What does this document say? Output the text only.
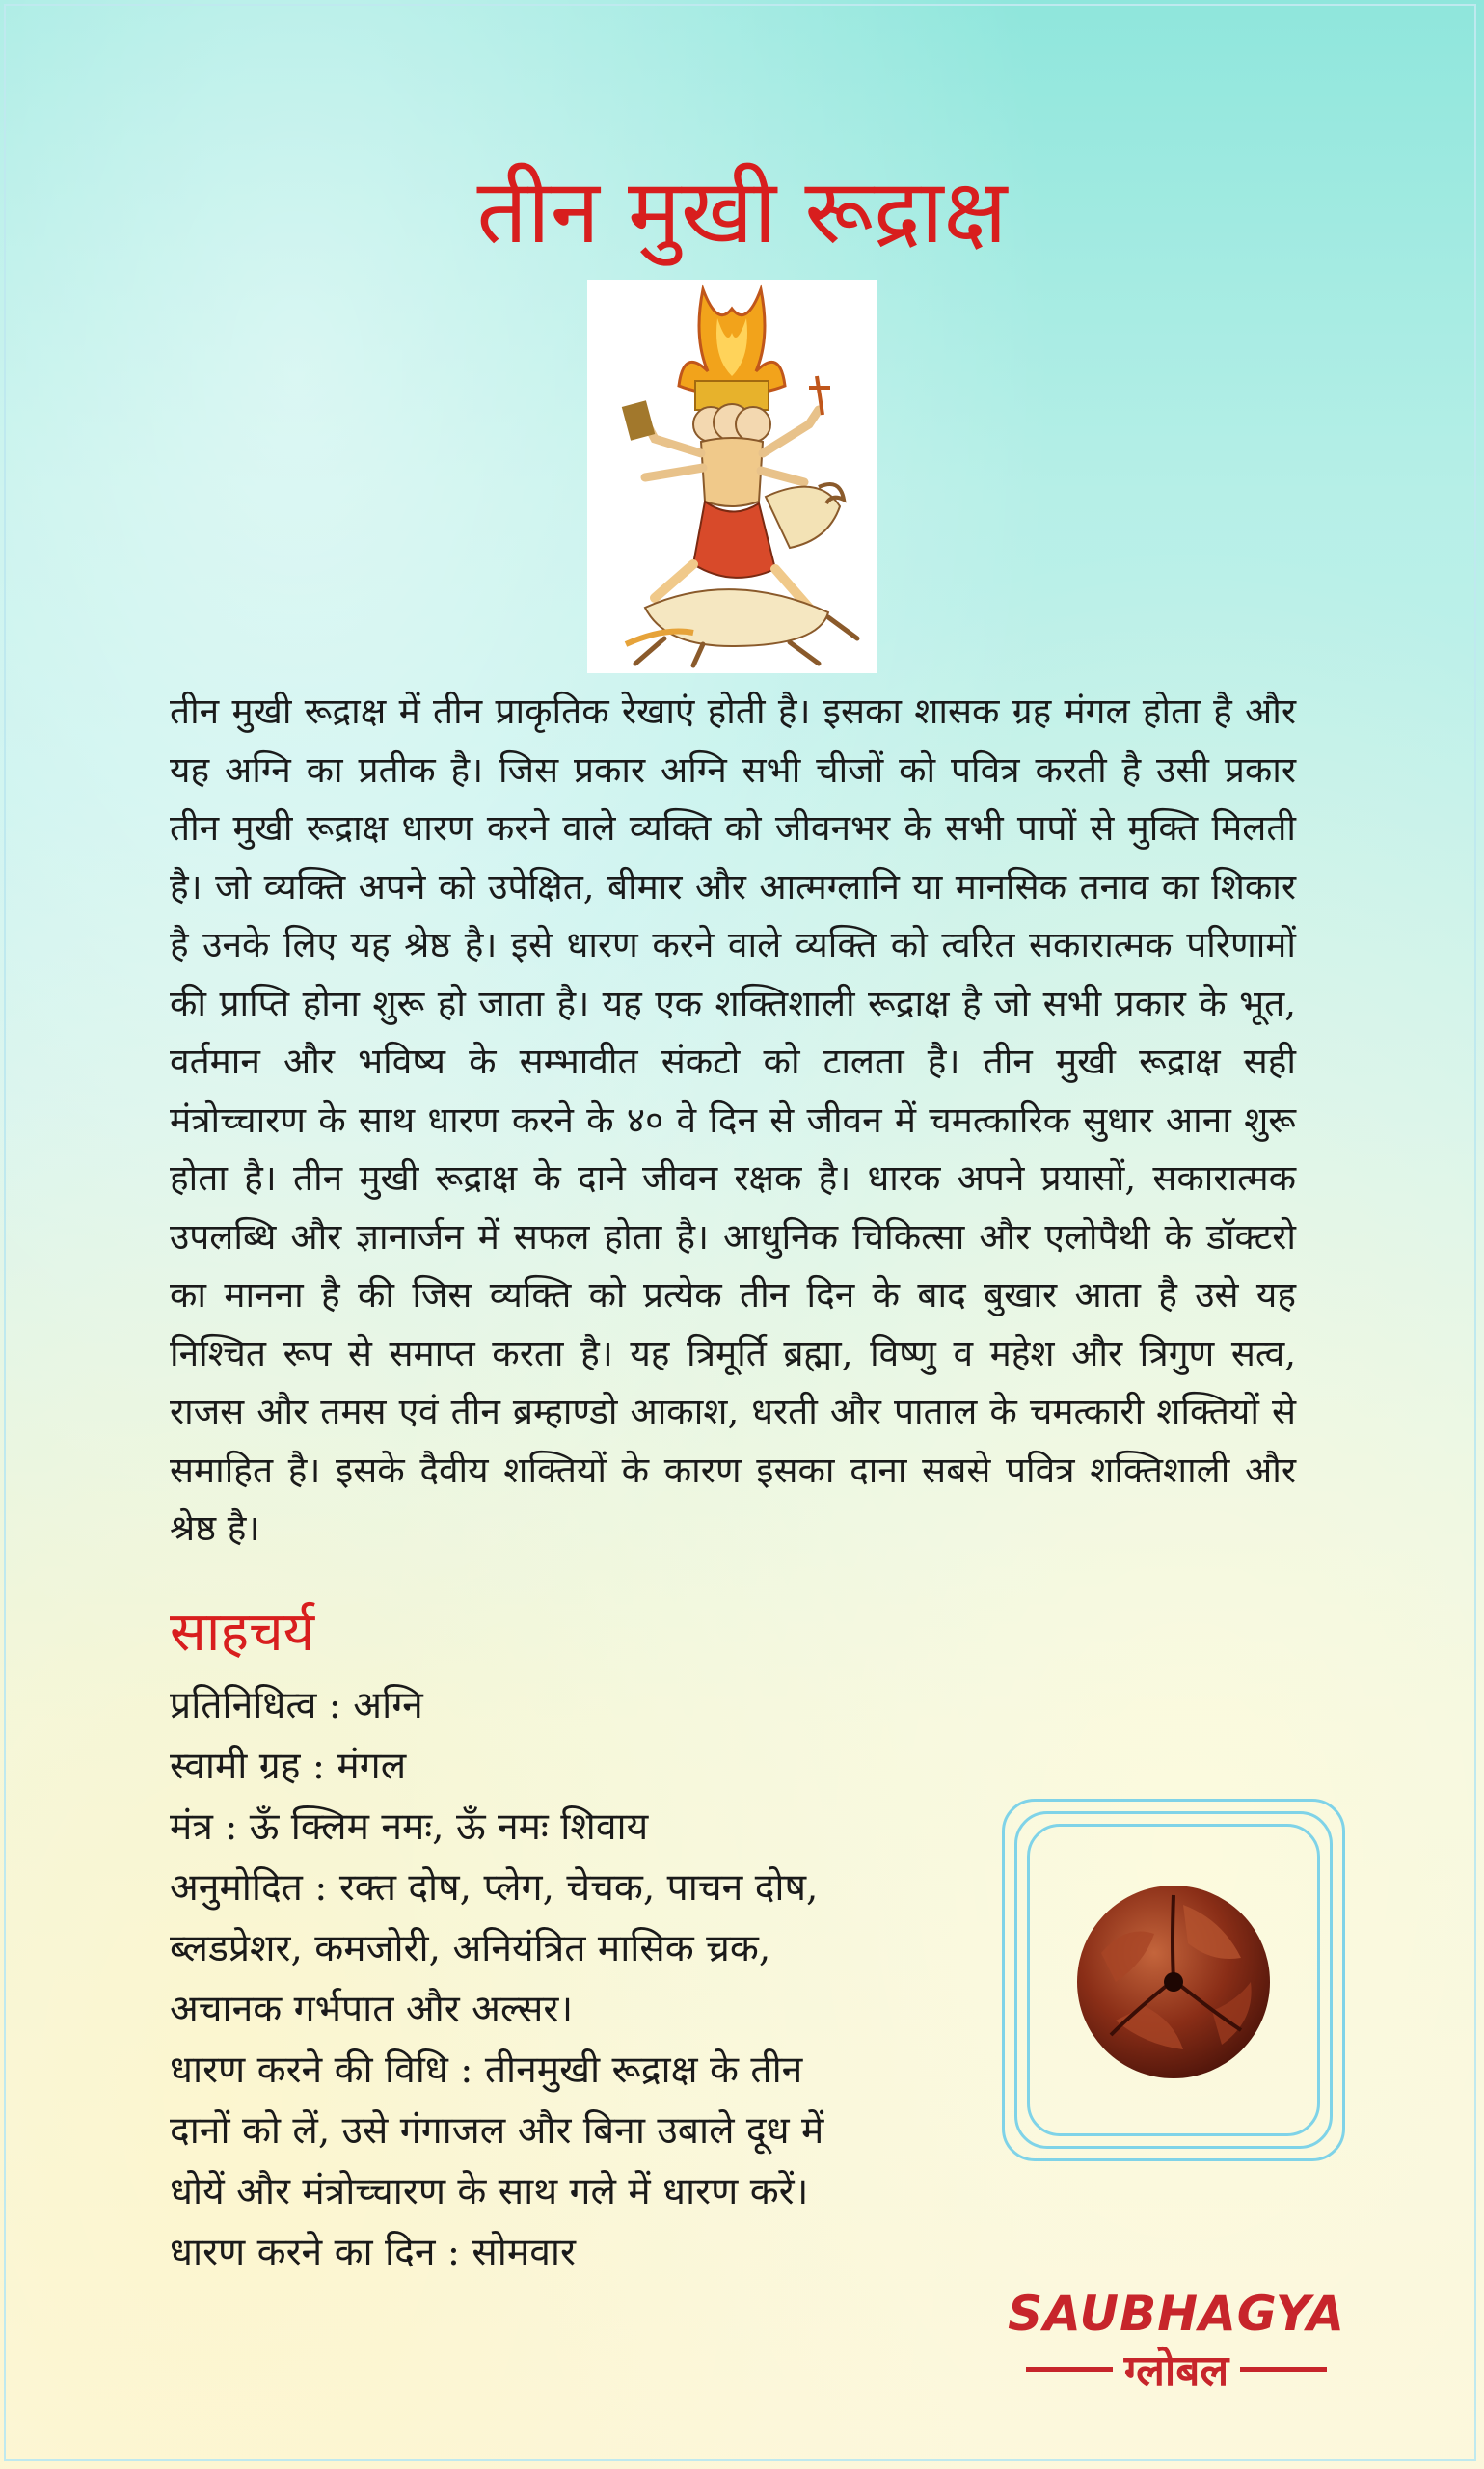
तीन मुखी रूद्राक्ष
तीन मुखी रूद्राक्ष में तीन प्राकृतिक रेखाएं होती है। इसका शासक ग्रह मंगल होता है और यह अग्नि का प्रतीक है। जिस प्रकार अग्नि सभी चीजों को पवित्र करती है उसी प्रकार तीन मुखी रूद्राक्ष धारण करने वाले व्यक्ति को जीवनभर के सभी पापों से मुक्ति मिलती है। जो व्यक्ति अपने को उपेक्षित, बीमार और आत्मग्लानि या मानसिक तनाव का शिकार है उनके लिए यह श्रेष्ठ है। इसे धारण करने वाले व्यक्ति को त्वरित सकारात्मक परिणामों की प्राप्ति होना शुरू हो जाता है। यह एक शक्तिशाली रूद्राक्ष है जो सभी प्रकार के भूत, वर्तमान और भविष्य के सम्भावीत संकटो को टालता है। तीन मुखी रूद्राक्ष सही मंत्रोच्चारण के साथ धारण करने के ४० वे दिन से जीवन में चमत्कारिक सुधार आना शुरू होता है। तीन मुखी रूद्राक्ष के दाने जीवन रक्षक है। धारक अपने प्रयासों, सकारात्मक उपलब्धि और ज्ञानार्जन में सफल होता है। आधुनिक चिकित्सा और एलोपैथी के डॉक्टरो का मानना है की जिस व्यक्ति को प्रत्येक तीन दिन के बाद बुखार आता है उसे यह निश्चित रूप से समाप्त करता है। यह त्रिमूर्ति ब्रह्मा, विष्णु व महेश और त्रिगुण सत्व, राजस और तमस एवं तीन ब्रम्हाण्डो आकाश, धरती और पाताल के चमत्कारी शक्तियों से समाहित है। इसके दैवीय शक्तियों के कारण इसका दाना सबसे पवित्र शक्तिशाली और श्रेष्ठ है।
साहचर्य
प्रतिनिधित्व : अग्नि
स्वामी ग्रह : मंगल
मंत्र : ऊँ क्लिम नमः, ऊँ नमः शिवाय
अनुमोदित : रक्त दोष, प्लेग, चेचक, पाचन दोष,
ब्लडप्रेशर, कमजोरी, अनियंत्रित मासिक च्रक,
अचानक गर्भपात और अल्सर।
धारण करने की विधि : तीनमुखी रूद्राक्ष के तीन
दानों को लें, उसे गंगाजल और बिना उबाले दूध में
धोयें और मंत्रोच्चारण के साथ गले में धारण करें।
धारण करने का दिन : सोमवार
SAUBHAGYA
ग्लोबल
